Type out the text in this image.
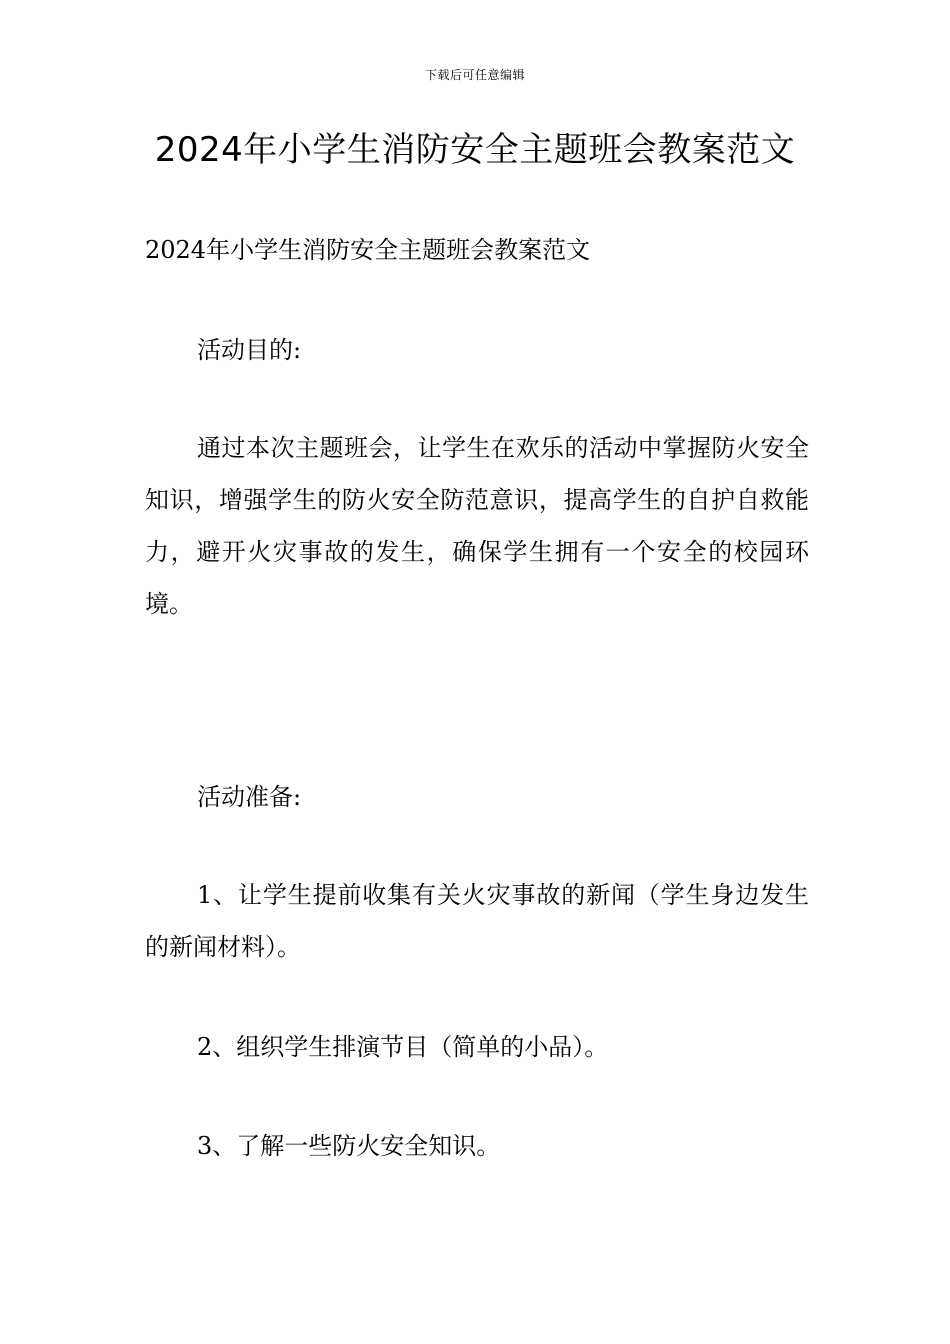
下载后可任意编辑
2024年小学生消防安全主题班会教案范文

2024年小学生消防安全主题班会教案范文

活动目的:

通过本次主题班会，让学生在欢乐的活动中掌握防火安全知识，增强学生的防火安全防范意识，提高学生的自护自救能力，避开火灾事故的发生，确保学生拥有一个安全的校园环境。

活动准备:

1、让学生提前收集有关火灾事故的新闻（学生身边发生的新闻材料）。

2、组织学生排演节目（简单的小品）。

3、了解一些防火安全知识。
